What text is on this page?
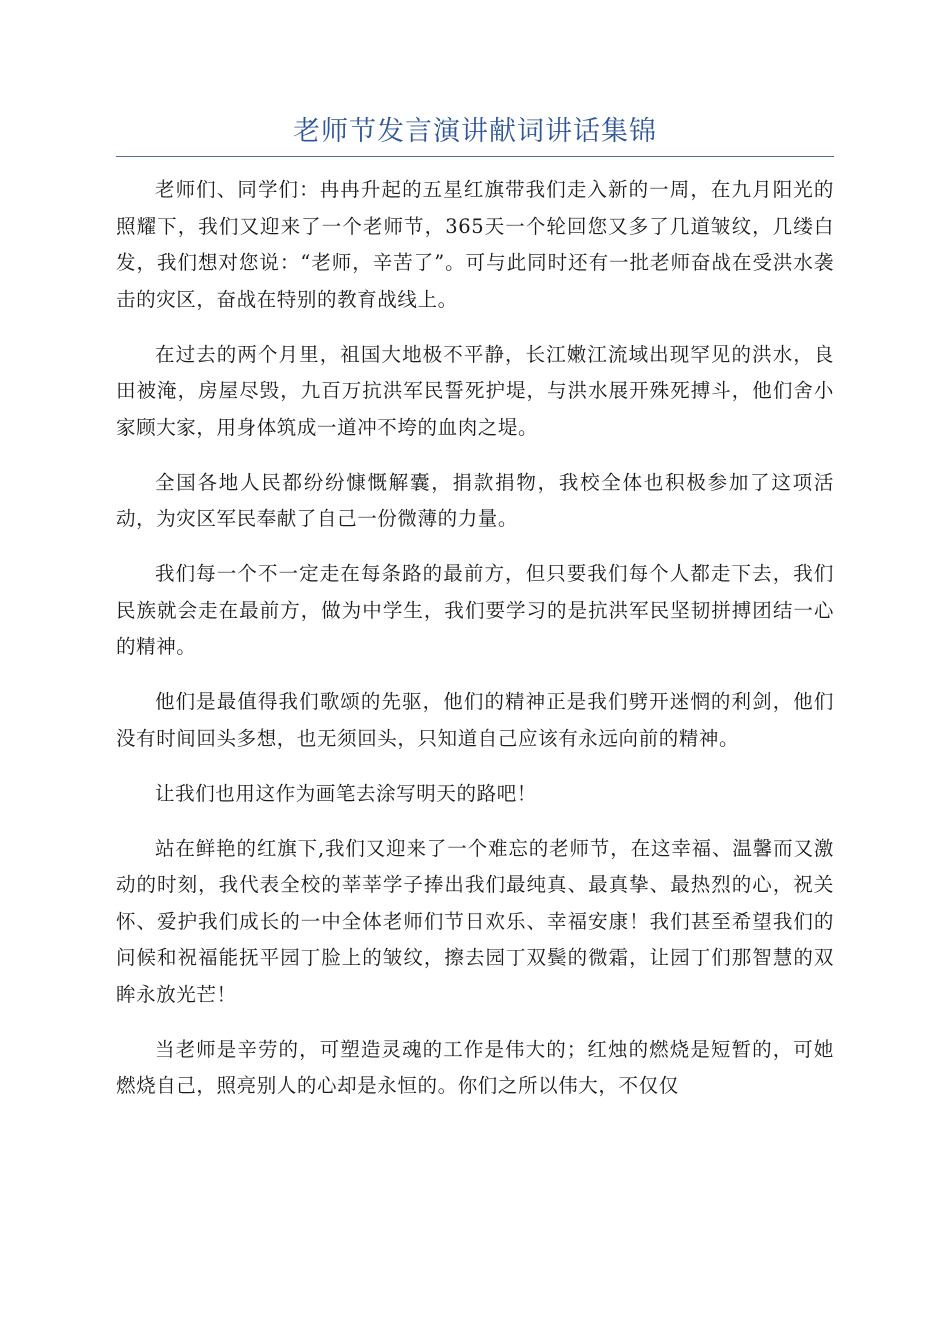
老师节发言演讲献词讲话集锦

老师们、同学们：冉冉升起的五星红旗带我们走入新的一周，在九月阳光的照耀下，我们又迎来了一个老师节，365天一个轮回您又多了几道皱纹，几缕白发，我们想对您说：“老师，辛苦了”。可与此同时还有一批老师奋战在受洪水袭击的灾区，奋战在特别的教育战线上。

在过去的两个月里，祖国大地极不平静，长江嫩江流域出现罕见的洪水，良田被淹，房屋尽毁，九百万抗洪军民誓死护堤，与洪水展开殊死搏斗，他们舍小家顾大家，用身体筑成一道冲不垮的血肉之堤。

全国各地人民都纷纷慷慨解囊，捐款捐物，我校全体也积极参加了这项活动，为灾区军民奉献了自己一份微薄的力量。

我们每一个不一定走在每条路的最前方，但只要我们每个人都走下去，我们民族就会走在最前方，做为中学生，我们要学习的是抗洪军民坚韧拼搏团结一心的精神。

他们是最值得我们歌颂的先驱，他们的精神正是我们劈开迷惘的利剑，他们没有时间回头多想，也无须回头，只知道自己应该有永远向前的精神。

让我们也用这作为画笔去涂写明天的路吧！

站在鲜艳的红旗下,我们又迎来了一个难忘的老师节，在这幸福、温馨而又激动的时刻，我代表全校的莘莘学子捧出我们最纯真、最真挚、最热烈的心，祝关怀、爱护我们成长的一中全体老师们节日欢乐、幸福安康！我们甚至希望我们的问候和祝福能抚平园丁脸上的皱纹，擦去园丁双鬓的微霜，让园丁们那智慧的双眸永放光芒！

当老师是辛劳的，可塑造灵魂的工作是伟大的；红烛的燃烧是短暂的，可她燃烧自己，照亮别人的心却是永恒的。你们之所以伟大，不仅仅
